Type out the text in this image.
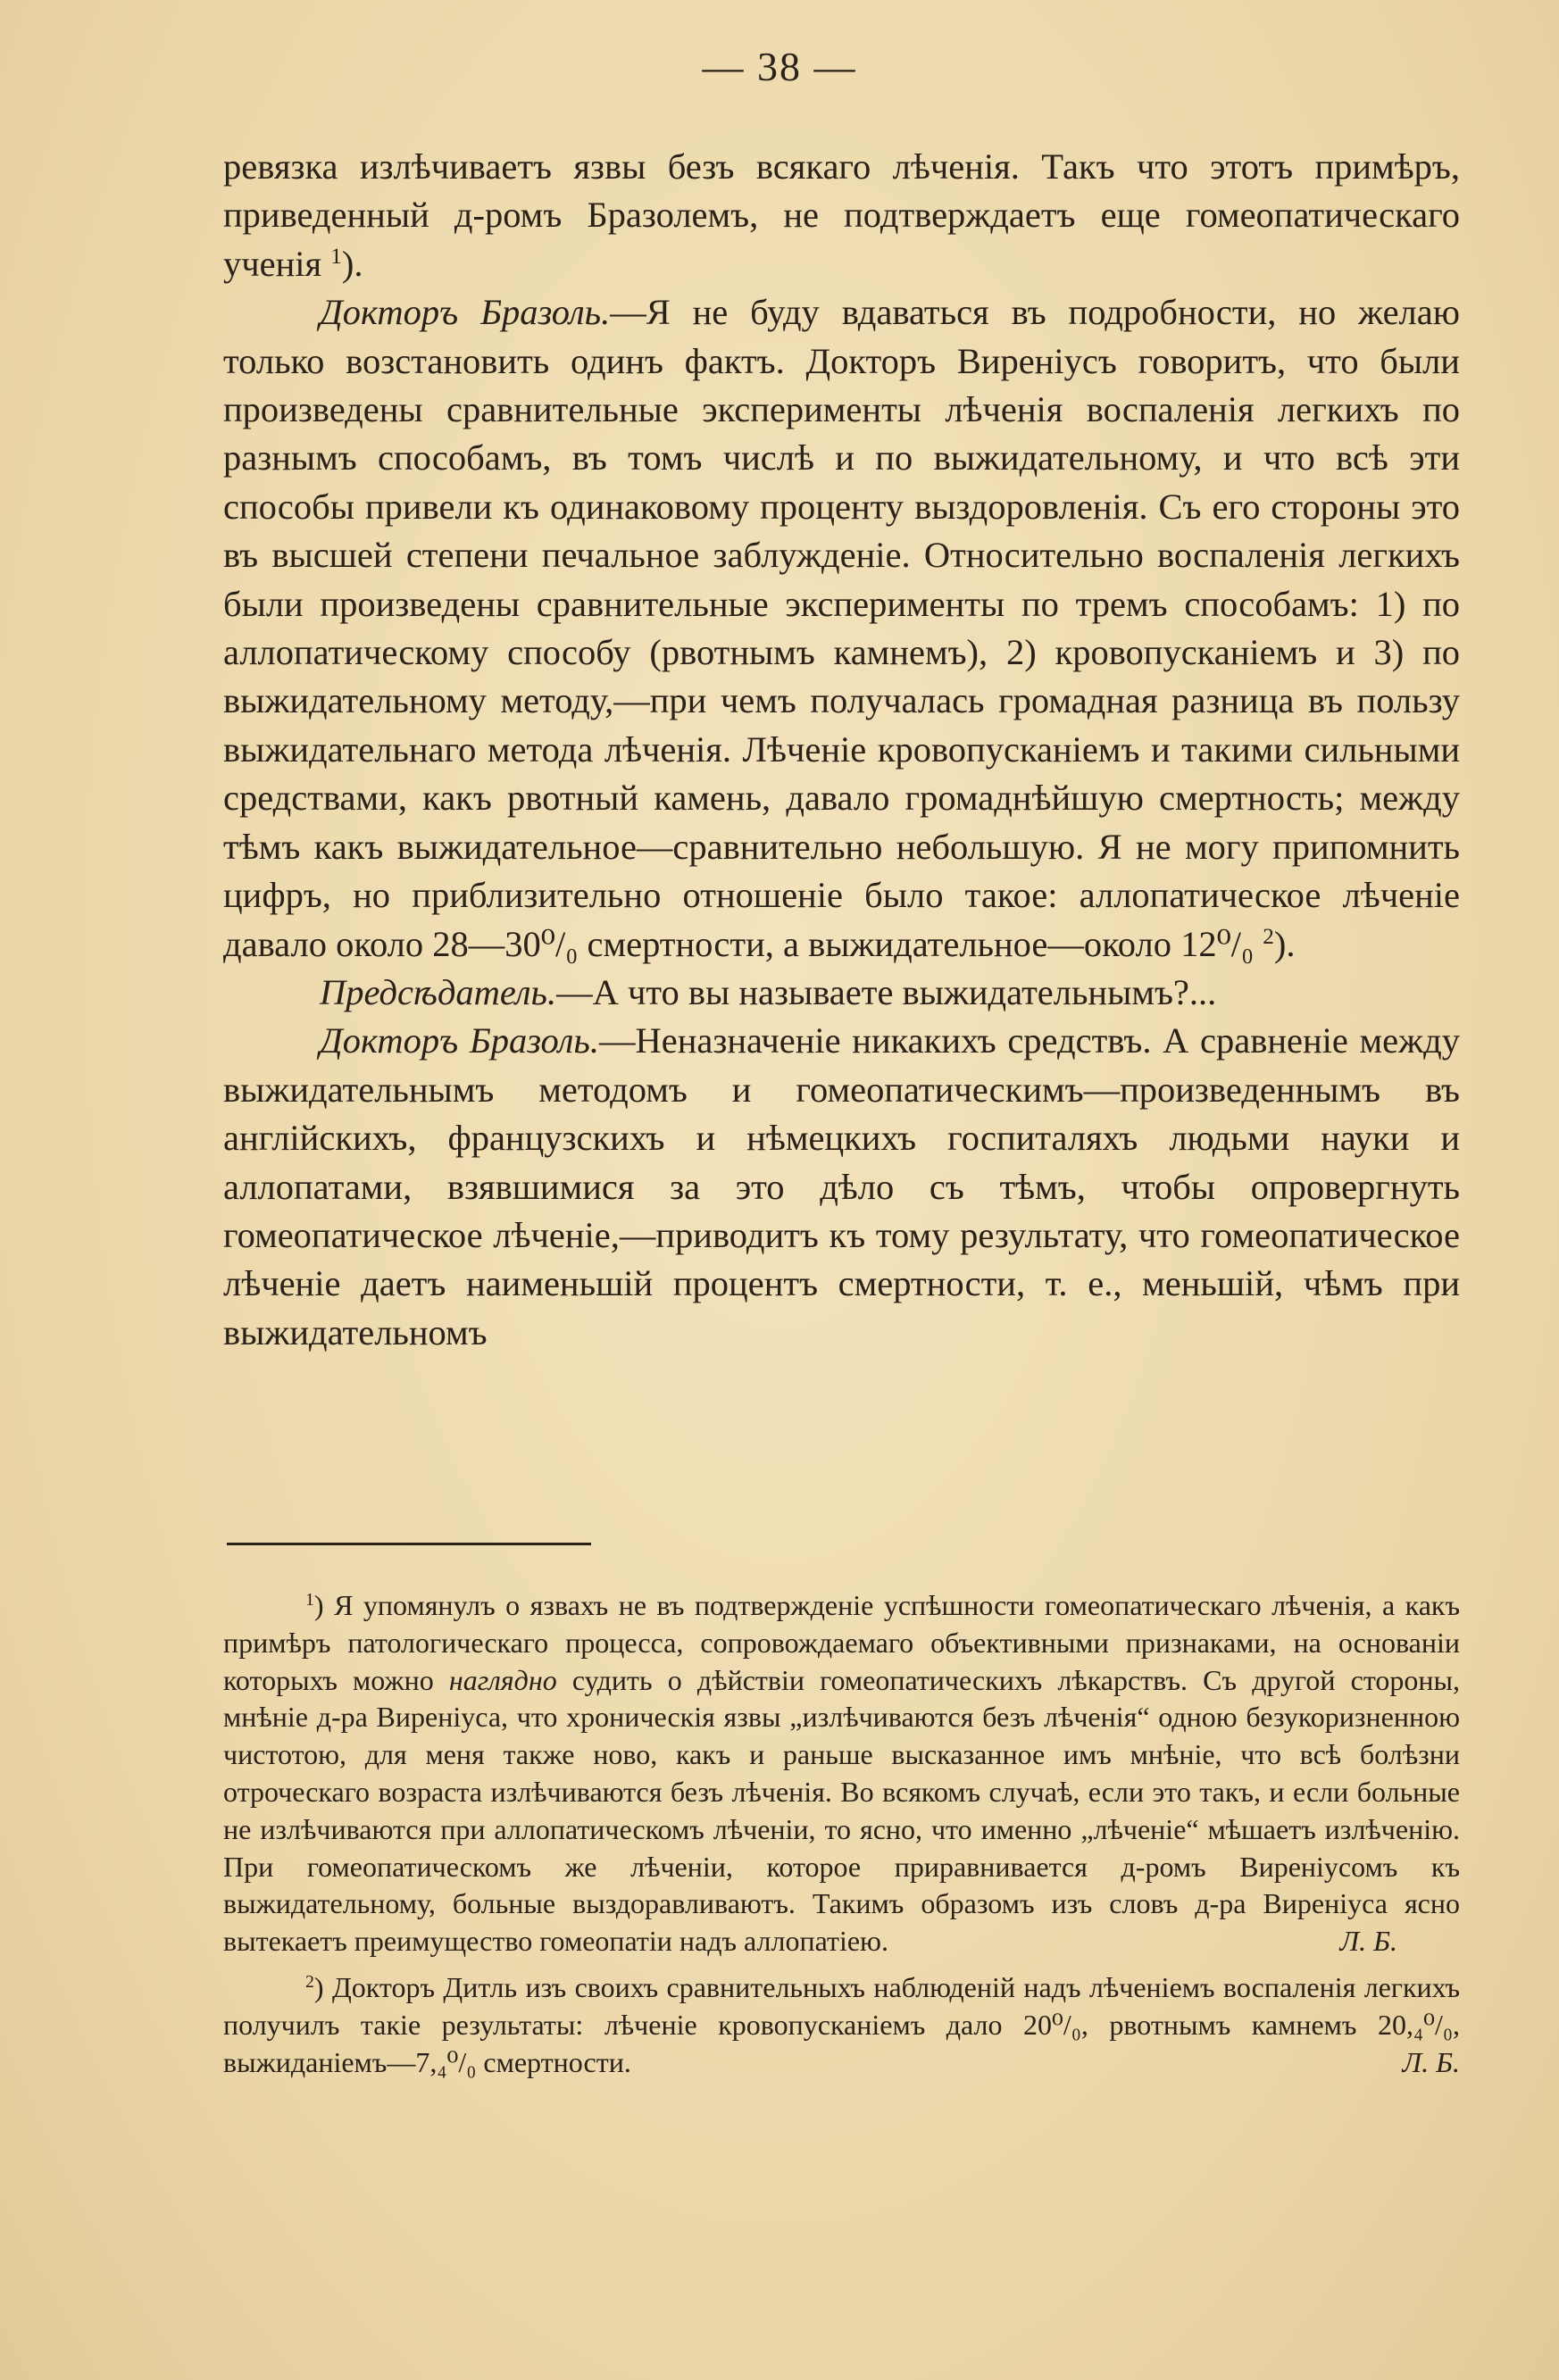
— 38 —

ревязка излѣчиваетъ язвы безъ всякаго лѣченія. Такъ что этотъ примѣръ, приведенный д-ромъ Бразолемъ, не подтверждаетъ еще гомеопатическаго ученія $^1$).

Докторъ Бразоль.—Я не буду вдаваться въ подробности, но желаю только возстановить одинъ фактъ. Докторъ Виреніусъ говоритъ, что были произведены сравнительные эксперименты лѣченія воспаленія легкихъ по разнымъ способамъ, въ томъ числѣ и по выжидательному, и что всѣ эти способы привели къ одинаковому проценту выздоровленія. Съ его стороны это въ высшей степени печальное заблужденіе. Относительно воспаленія легкихъ были произведены сравнительные эксперименты по тремъ способамъ: 1) по аллопатическому способу (рвотнымъ камнемъ), 2) кровопусканіемъ и 3) по выжидательному методу,—при чемъ получалась громадная разница въ пользу выжидательнаго метода лѣченія. Лѣченіе кровопусканіемъ и такими сильными средствами, какъ рвотный камень, давало громаднѣйшую смертность; между тѣмъ какъ выжидательное—сравнительно небольшую. Я не могу припомнить цифръ, но приблизительно отношеніе было такое: аллопатическое лѣченіе давало около 28—30⁰/₀ смертности, а выжидательное—около 12⁰/₀ $^2$).

Предсѣдатель.—А что вы называете выжидательнымъ?...

Докторъ Бразоль.—Неназначеніе никакихъ средствъ. А сравненіе между выжидательнымъ методомъ и гомеопатическимъ—произведеннымъ въ англійскихъ, французскихъ и нѣмецкихъ госпиталяхъ людьми науки и аллопатами, взявшимися за это дѣло съ тѣмъ, чтобы опровергнуть гомеопатическое лѣченіе,—приводитъ къ тому результату, что гомеопатическое лѣченіе даетъ наименьшій процентъ смертности, т. е., меньшій, чѣмъ при выжидательномъ

$^1$) Я упомянулъ о язвахъ не въ подтвержденіе успѣшности гомеопатическаго лѣченія, а какъ примѣръ патологическаго процесса, сопровождаемаго объективными признаками, на основаніи которыхъ можно наглядно судить о дѣйствіи гомеопатическихъ лѣкарствъ. Съ другой стороны, мнѣніе д-ра Виреніуса, что хроническія язвы „излѣчиваются безъ лѣченія“ одною безукоризненною чистотою, для меня также ново, какъ и раньше высказанное имъ мнѣніе, что всѣ болѣзни отроческаго возраста излѣчиваются безъ лѣченія. Во всякомъ случаѣ, если это такъ, и если больные не излѣчиваются при аллопатическомъ лѣченіи, то ясно, что именно „лѣченіе“ мѣшаетъ излѣченію. При гомеопатическомъ же лѣченіи, которое приравнивается д-ромъ Виреніусомъ къ выжидательному, больные выздоравливаютъ. Такимъ образомъ изъ словъ д-ра Виреніуса ясно вытекаетъ преимущество гомеопатіи надъ аллопатіею.	Л. Б.

$^2$) Докторъ Дитль изъ своихъ сравнительныхъ наблюденій надъ лѣченіемъ воспаленія легкихъ получилъ такіе результаты: лѣченіе кровопусканіемъ дало 20⁰/₀, рвотнымъ камнемъ 20,₄⁰/₀, выжиданіемъ—7,₄⁰/₀ смертности.	Л. Б.
